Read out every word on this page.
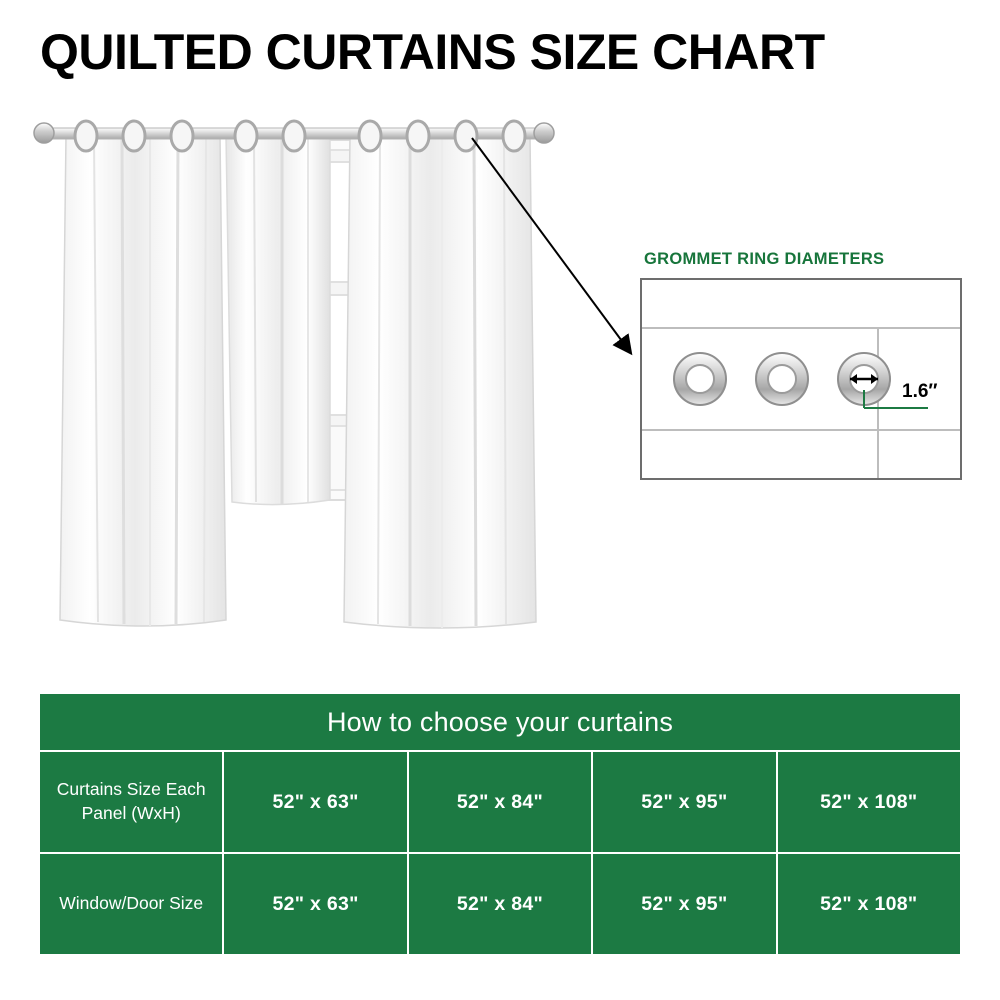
QUILTED CURTAINS SIZE CHART
GROMMET RING DIAMETERS
1.6″
How to choose your curtains				
Curtains Size Each Panel (WxH)	52" x 63"	52" x 84"	52" x 95"	52" x 108"
Window/Door Size	52" x 63"	52" x 84"	52" x 95"	52" x 108"
